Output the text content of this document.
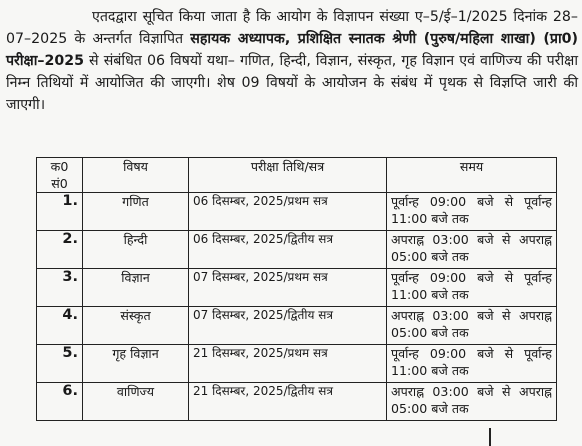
एतदद्वारा सूचित किया जाता है कि आयोग के विज्ञापन संख्या ए–5/ई–1/2025 दिनांक 28–07–2025 के अन्तर्गत विज्ञापित सहायक अध्यापक, प्रशिक्षित स्नातक श्रेणी (पुरुष/महिला शाखा) (प्रा0) परीक्षा–2025 से संबंधित 06 विषयों यथा– गणित, हिन्दी, विज्ञान, संस्कृत, गृह विज्ञान एवं वाणिज्य की परीक्षा निम्न तिथियों में आयोजित की जाएगी। शेष 09 विषयों के आयोजन के संबंध में पृथक से विज्ञप्ति जारी की जाएगी।
क0 सं0	विषय	परीक्षा तिथि/सत्र	समय
1.	गणित	06 दिसम्बर, 2025/प्रथम सत्र	पूर्वान्ह 09:00 बजे से पूर्वान्ह 11:00 बजे तक
2.	हिन्दी	06 दिसम्बर, 2025/द्वितीय सत्र	अपराह्न 03:00 बजे से अपराह्न 05:00 बजे तक
3.	विज्ञान	07 दिसम्बर, 2025/प्रथम सत्र	पूर्वान्ह 09:00 बजे से पूर्वान्ह 11:00 बजे तक
4.	संस्कृत	07 दिसम्बर, 2025/द्वितीय सत्र	अपराह्न 03:00 बजे से अपराह्न 05:00 बजे तक
5.	गृह विज्ञान	21 दिसम्बर, 2025/प्रथम सत्र	पूर्वान्ह 09:00 बजे से पूर्वान्ह 11:00 बजे तक
6.	वाणिज्य	21 दिसम्बर, 2025/द्वितीय सत्र	अपराह्न 03:00 बजे से अपराह्न 05:00 बजे तक
